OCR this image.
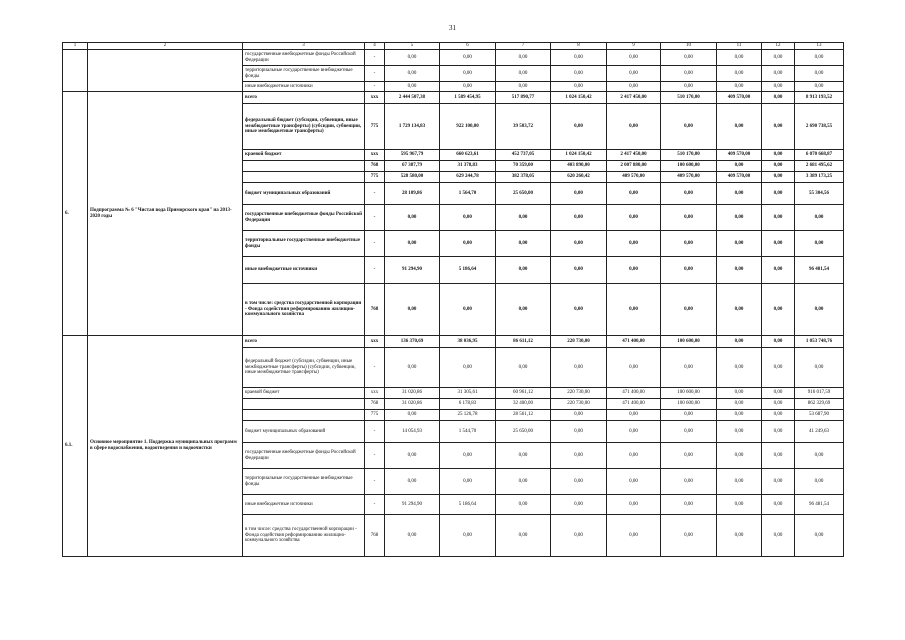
31
1	2	3	4	5	6	7	8	9	10	11	12	13
		государственные внебюджетные фонды Российской Федерации	-	0,00	0,00	0,00	0,00	0,00	0,00	0,00	0,00	0,00
		территориальные государственные внебюджетные фонды	-	0,00	0,00	0,00	0,00	0,00	0,00	0,00	0,00	0,00
		иные внебюджетные источники	-	0,00	0,00	0,00	0,00	0,00	0,00	0,00	0,00	0,00
6.	Подпрограмма № 6 "Чистая вода Приморского края" на 2013- 2020 годы	всего	ххх	2 444 507,38	1 589 454,95	517 890,77	1 024 150,42	2 417 450,00	510 170,00	409 570,00	0,00	8 913 193,52
		федеральный бюджет (субсидии, субвенции, иные межбюджетные трансферты) (субсидии, субвенции, иные межбюджетные трансферты)	775	1 729 134,83	922 100,00	39 503,72	0,00	0,00	0,00	0,00	0,00	2 690 738,55
		краевой бюджет	ххх	595 967,79	660 623,61	452 737,05	1 024 150,42	2 417 450,00	510 170,00	409 570,00	0,00	6 070 668,87
			768	67 387,79	31 378,83	70 359,00	403 890,00	2 007 880,00	100 600,00	0,00	0,00	2 681 495,62
			775	528 580,00	629 244,78	382 378,05	620 260,42	409 570,00	409 570,00	409 570,00	0,00	3 389 173,25
		бюджет муниципальных образований	-	28 109,86	1 564,70	25 650,00	0,00	0,00	0,00	0,00	0,00	55 304,56
		государственные внебюджетные фонды Российской Федерации	-	0,00	0,00	0,00	0,00	0,00	0,00	0,00	0,00	0,00
		территориальные государственные внебюджетные фонды	-	0,00	0,00	0,00	0,00	0,00	0,00	0,00	0,00	0,00
		иные внебюджетные источники	-	91 294,90	5 186,64	0,00	0,00	0,00	0,00	0,00	0,00	96 481,54
		в том числе: средства государственной корпорации - Фонда содействия реформированию жилищно-коммунального хозяйства	768	0,00	0,00	0,00	0,00	0,00	0,00	0,00	0,00	0,00
6.1.	Основное мероприятие 1. Поддержка муниципальных программ в сфере водоснабжения, водоотведения и водоочистки	всего	ххх	136 370,69	38 036,95	86 611,12	220 730,00	471 400,00	100 600,00	0,00	0,00	1 053 748,76
		федеральный бюджет (субсидии, субвенции, иные межбюджетные трансферты) (субсидии, субвенции, иные межбюджетные трансферты)	-	0,00	0,00	0,00	0,00	0,00	0,00	0,00	0,00	0,00
		краевой бюджет	ххх	31 020,86	31 305,61	60 961,12	220 730,00	471 400,00	100 600,00	0,00	0,00	916 017,59
			768	31 020,86	6 178,83	32 400,00	220 730,00	471 400,00	100 600,00	0,00	0,00	862 329,69
			775	0,00	25 126,78	28 561,12	0,00	0,00	0,00	0,00	0,00	53 687,90
		бюджет муниципальных образований	-	14 054,93	1 544,70	25 650,00	0,00	0,00	0,00	0,00	0,00	41 249,63
		государственные внебюджетные фонды Российской Федерации	-	0,00	0,00	0,00	0,00	0,00	0,00	0,00	0,00	0,00
		территориальные государственные внебюджетные фонды	-	0,00	0,00	0,00	0,00	0,00	0,00	0,00	0,00	0,00
		иные внебюджетные источники	-	91 294,90	5 186,64	0,00	0,00	0,00	0,00	0,00	0,00	96 481,54
		в том числе: средства государственной корпорации - Фонда содействия реформированию жилищно-коммунального хозяйства	768	0,00	0,00	0,00	0,00	0,00	0,00	0,00	0,00	0,00
